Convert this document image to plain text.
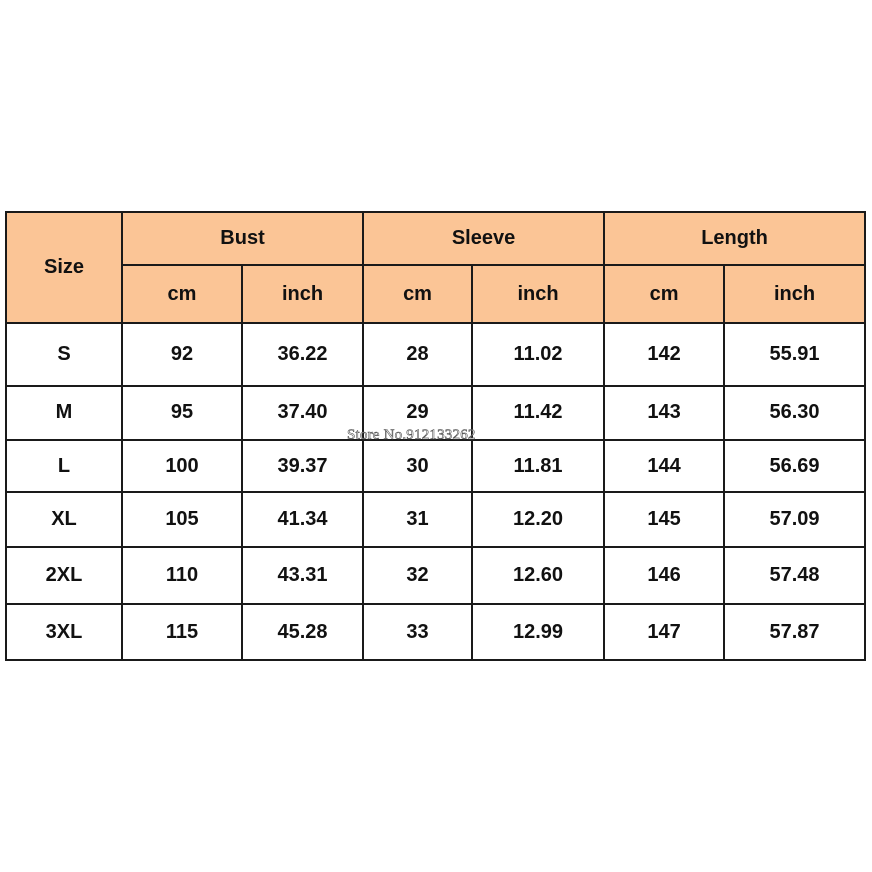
Size	Bust		Sleeve		Length	
	cm	inch	cm	inch	cm	inch
S	92	36.22	28	11.02	142	55.91
M	95	37.40	29	11.42	143	56.30
L	100	39.37	30	11.81	144	56.69
XL	105	41.34	31	12.20	145	57.09
2XL	110	43.31	32	12.60	146	57.48
3XL	115	45.28	33	12.99	147	57.87
Store No.912133262
